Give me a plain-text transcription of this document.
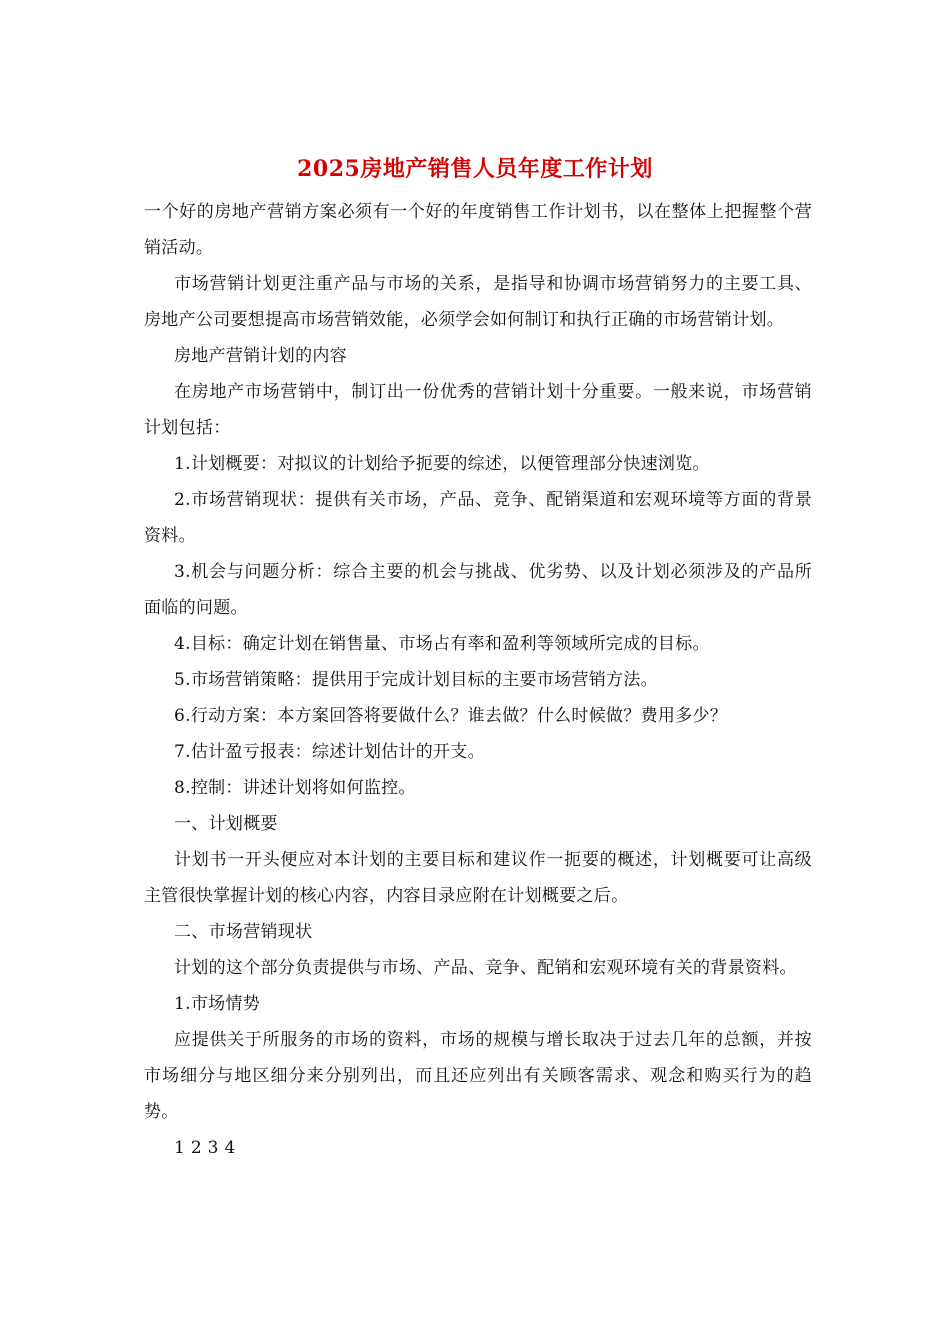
2025房地产销售人员年度工作计划

一个好的房地产营销方案必须有一个好的年度销售工作计划书，以在整体上把握整个营销活动。

市场营销计划更注重产品与市场的关系，是指导和协调市场营销努力的主要工具、房地产公司要想提高市场营销效能，必须学会如何制订和执行正确的市场营销计划。

房地产营销计划的内容

在房地产市场营销中，制订出一份优秀的营销计划十分重要。一般来说，市场营销计划包括：

1.计划概要：对拟议的计划给予扼要的综述，以便管理部分快速浏览。
2.市场营销现状：提供有关市场，产品、竞争、配销渠道和宏观环境等方面的背景资料。
3.机会与问题分析：综合主要的机会与挑战、优劣势、以及计划必须涉及的产品所面临的问题。
4.目标：确定计划在销售量、市场占有率和盈利等领域所完成的目标。
5.市场营销策略：提供用于完成计划目标的主要市场营销方法。
6.行动方案：本方案回答将要做什么？谁去做？什么时候做？费用多少？
7.估计盈亏报表：综述计划估计的开支。
8.控制：讲述计划将如何监控。

一、计划概要

计划书一开头便应对本计划的主要目标和建议作一扼要的概述，计划概要可让高级主管很快掌握计划的核心内容，内容目录应附在计划概要之后。

二、市场营销现状

计划的这个部分负责提供与市场、产品、竞争、配销和宏观环境有关的背景资料。

1.市场情势

应提供关于所服务的市场的资料，市场的规模与增长取决于过去几年的总额，并按市场细分与地区细分来分别列出，而且还应列出有关顾客需求、观念和购买行为的趋势。

1 2 3 4
